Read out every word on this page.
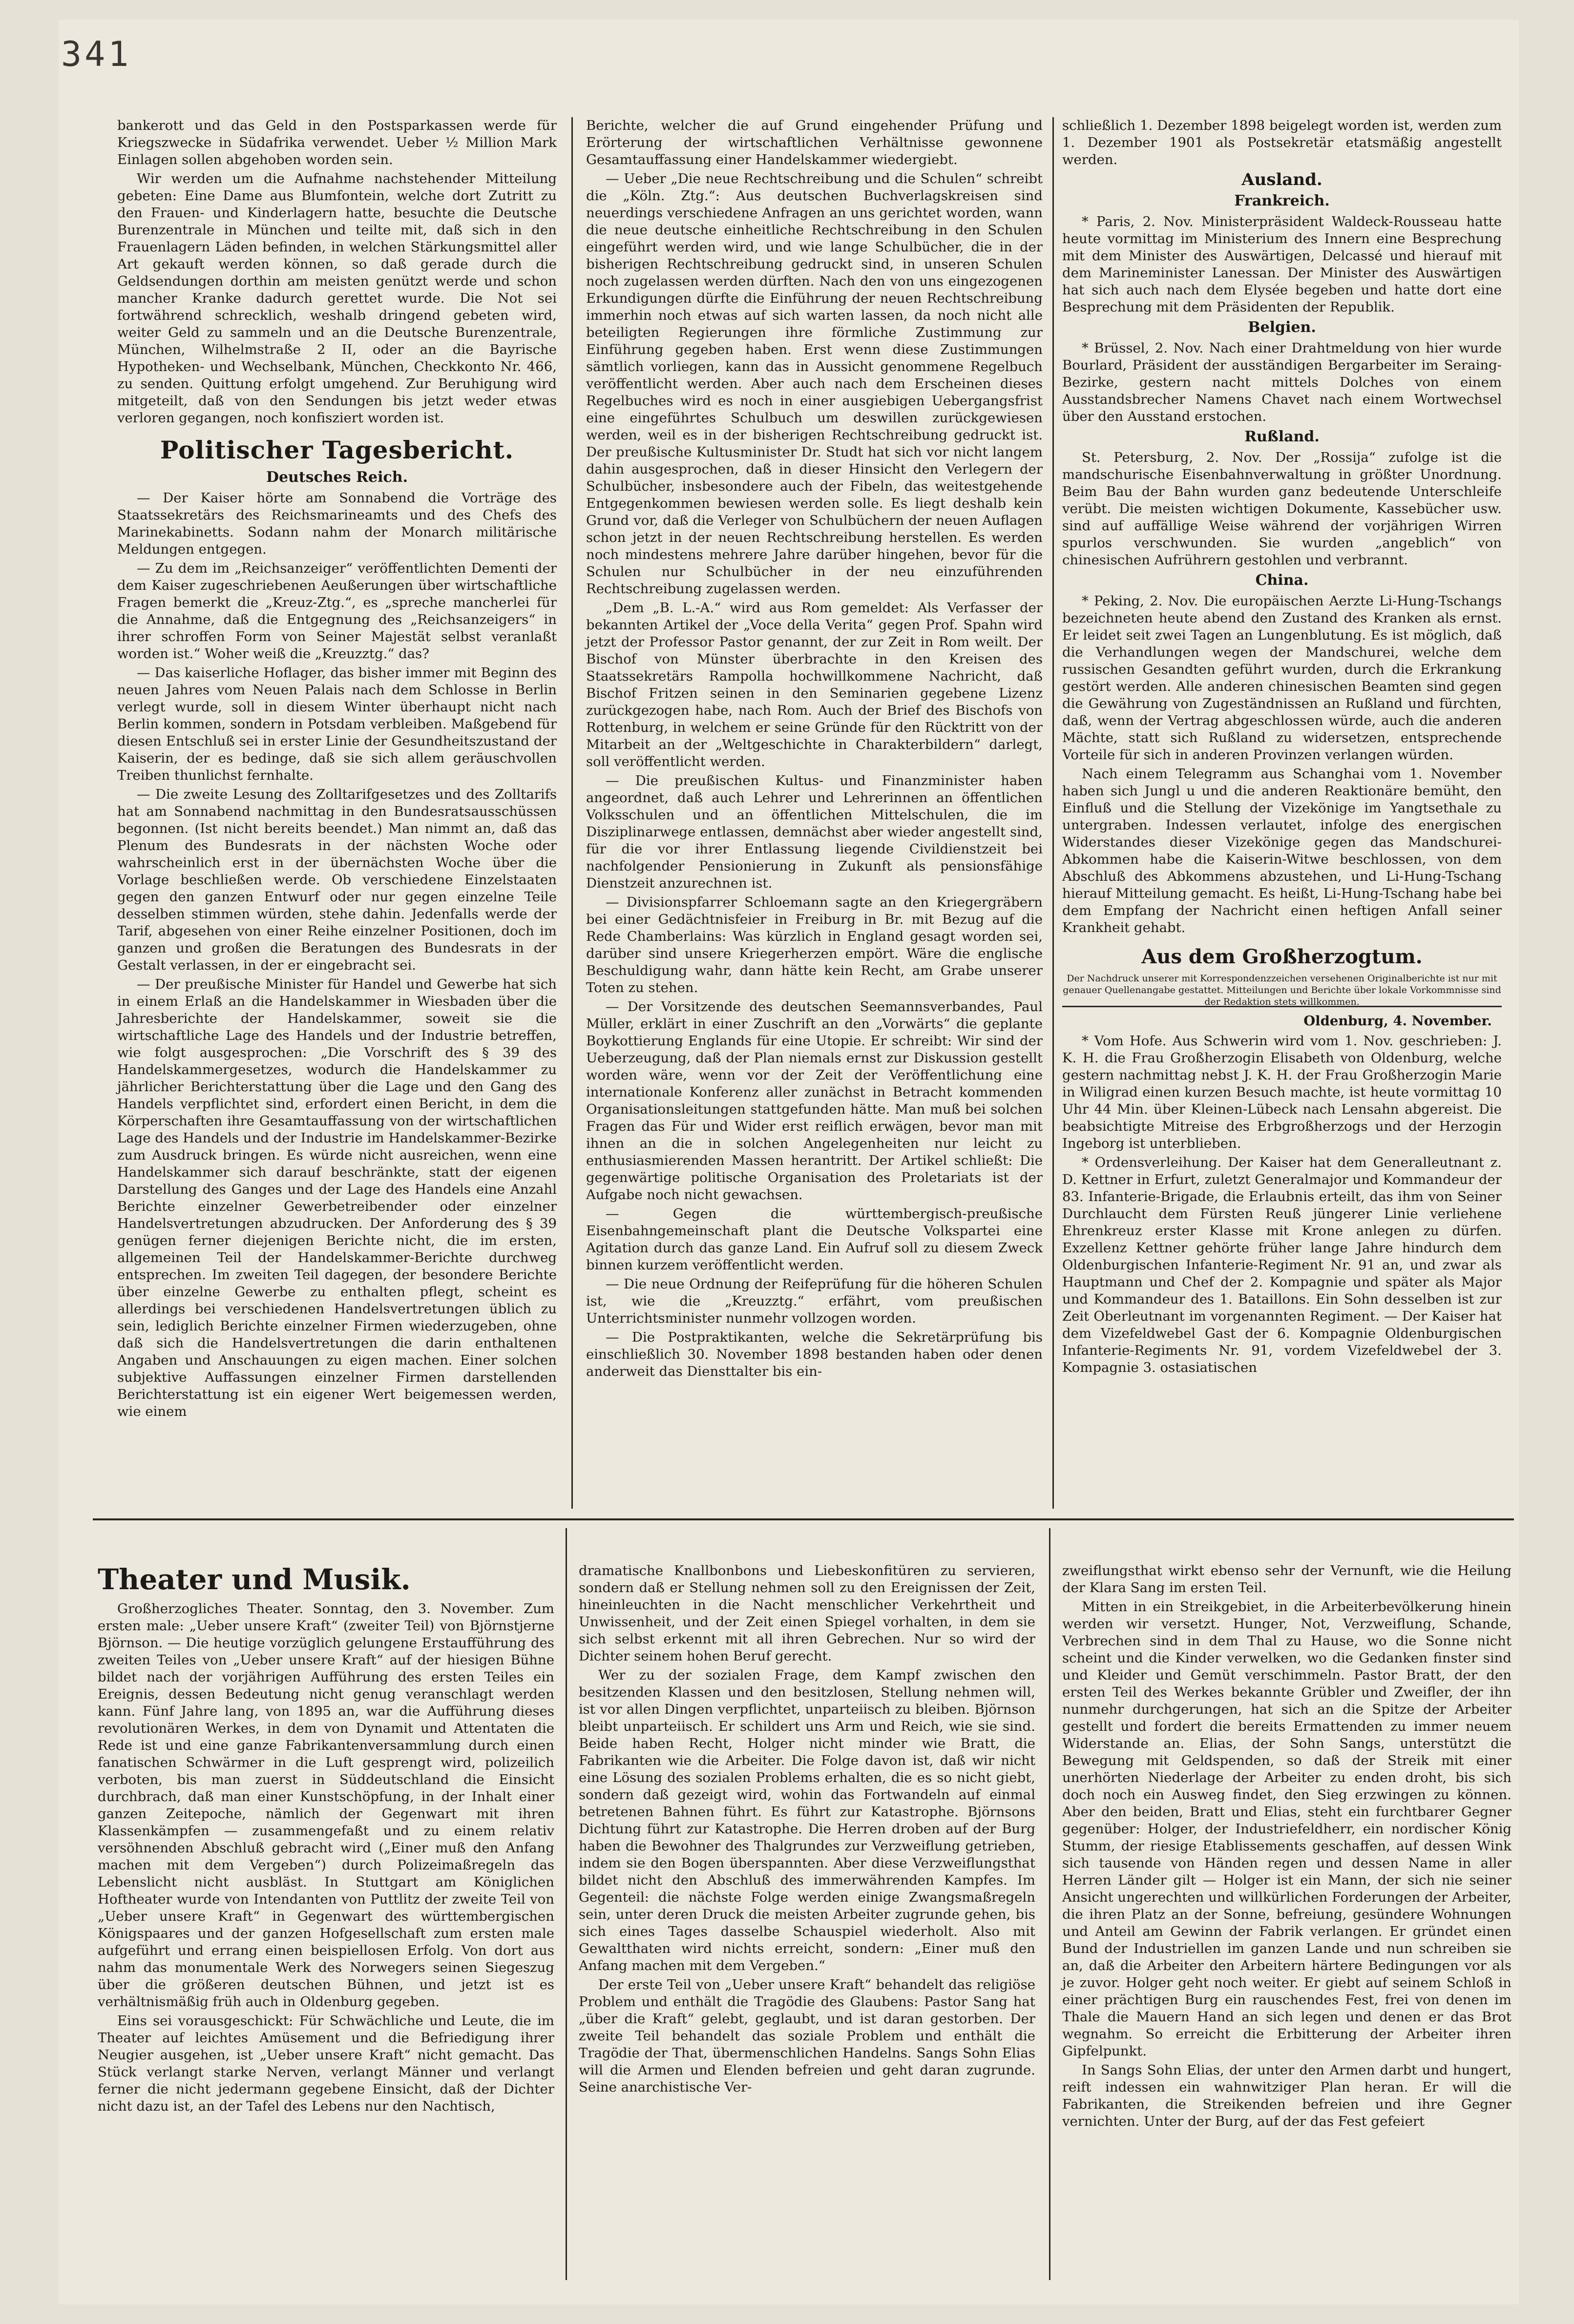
341

bankerott und das Geld in den Postsparkassen werde für Kriegszwecke in Südafrika verwendet. Ueber ½ Million Mark Einlagen sollen abgehoben worden sein.

Wir werden um die Aufnahme nachstehender Mitteilung gebeten: Eine Dame aus Blumfontein, welche dort Zutritt zu den Frauen- und Kinderlagern hatte, besuchte die Deutsche Burenzentrale in München und teilte mit, daß sich in den Frauenlagern Läden befinden, in welchen Stärkungsmittel aller Art gekauft werden können, so daß gerade durch die Geldsendungen dorthin am meisten genützt werde und schon mancher Kranke dadurch gerettet wurde. Die Not sei fortwährend schrecklich, weshalb dringend gebeten wird, weiter Geld zu sammeln und an die Deutsche Burenzentrale, München, Wilhelmstraße 2 II, oder an die Bayrische Hypotheken- und Wechselbank, München, Checkkonto Nr. 466, zu senden. Quittung erfolgt umgehend. Zur Beruhigung wird mitgeteilt, daß von den Sendungen bis jetzt weder etwas verloren gegangen, noch konfisziert worden ist.

Politischer Tagesbericht.
Deutsches Reich.

— Der Kaiser hörte am Sonnabend die Vorträge des Staatssekretärs des Reichsmarineamts und des Chefs des Marinekabinetts. Sodann nahm der Monarch militärische Meldungen entgegen.

— Zu dem im „Reichsanzeiger“ veröffentlichten Dementi der dem Kaiser zugeschriebenen Aeußerungen über wirtschaftliche Fragen bemerkt die „Kreuz-Ztg.“, es „spreche mancherlei für die Annahme, daß die Entgegnung des „Reichsanzeigers“ in ihrer schroffen Form von Seiner Majestät selbst veranlaßt worden ist.“ Woher weiß die „Kreuzztg.“ das?

— Das kaiserliche Hoflager, das bisher immer mit Beginn des neuen Jahres vom Neuen Palais nach dem Schlosse in Berlin verlegt wurde, soll in diesem Winter überhaupt nicht nach Berlin kommen, sondern in Potsdam verbleiben. Maßgebend für diesen Entschluß sei in erster Linie der Gesundheitszustand der Kaiserin, der es bedinge, daß sie sich allem geräuschvollen Treiben thunlichst fernhalte.

— Die zweite Lesung des Zolltarifgesetzes und des Zolltarifs hat am Sonnabend nachmittag in den Bundesratsausschüssen begonnen. (Ist nicht bereits beendet.) Man nimmt an, daß das Plenum des Bundesrats in der nächsten Woche oder wahrscheinlich erst in der übernächsten Woche über die Vorlage beschließen werde. Ob verschiedene Einzelstaaten gegen den ganzen Entwurf oder nur gegen einzelne Teile desselben stimmen würden, stehe dahin. Jedenfalls werde der Tarif, abgesehen von einer Reihe einzelner Positionen, doch im ganzen und großen die Beratungen des Bundesrats in der Gestalt verlassen, in der er eingebracht sei.

— Der preußische Minister für Handel und Gewerbe hat sich in einem Erlaß an die Handelskammer in Wiesbaden über die Jahresberichte der Handelskammer, soweit sie die wirtschaftliche Lage des Handels und der Industrie betreffen, wie folgt ausgesprochen: „Die Vorschrift des § 39 des Handelskammergesetzes, wodurch die Handelskammer zu jährlicher Berichterstattung über die Lage und den Gang des Handels verpflichtet sind, erfordert einen Bericht, in dem die Körperschaften ihre Gesamtauffassung von der wirtschaftlichen Lage des Handels und der Industrie im Handelskammer-Bezirke zum Ausdruck bringen. Es würde nicht ausreichen, wenn eine Handelskammer sich darauf beschränkte, statt der eigenen Darstellung des Ganges und der Lage des Handels eine Anzahl Berichte einzelner Gewerbetreibender oder einzelner Handelsvertretungen abzudrucken. Der Anforderung des § 39 genügen ferner diejenigen Berichte nicht, die im ersten, allgemeinen Teil der Handelskammer-Berichte durchweg entsprechen. Im zweiten Teil dagegen, der besondere Berichte über einzelne Gewerbe zu enthalten pflegt, scheint es allerdings bei verschiedenen Handelsvertretungen üblich zu sein, lediglich Berichte einzelner Firmen wiederzugeben, ohne daß sich die Handelsvertretungen die darin enthaltenen Angaben und Anschauungen zu eigen machen. Einer solchen subjektive Auffassungen einzelner Firmen darstellenden Berichterstattung ist ein eigener Wert beigemessen werden, wie einem

Berichte, welcher die auf Grund eingehender Prüfung und Erörterung der wirtschaftlichen Verhältnisse gewonnene Gesamtauffassung einer Handelskammer wiedergiebt.

— Ueber „Die neue Rechtschreibung und die Schulen“ schreibt die „Köln. Ztg.“: Aus deutschen Buchverlagskreisen sind neuerdings verschiedene Anfragen an uns gerichtet worden, wann die neue deutsche einheitliche Rechtschreibung in den Schulen eingeführt werden wird, und wie lange Schulbücher, die in der bisherigen Rechtschreibung gedruckt sind, in unseren Schulen noch zugelassen werden dürften. Nach den von uns eingezogenen Erkundigungen dürfte die Einführung der neuen Rechtschreibung immerhin noch etwas auf sich warten lassen, da noch nicht alle beteiligten Regierungen ihre förmliche Zustimmung zur Einführung gegeben haben. Erst wenn diese Zustimmungen sämtlich vorliegen, kann das in Aussicht genommene Regelbuch veröffentlicht werden. Aber auch nach dem Erscheinen dieses Regelbuches wird es noch in einer ausgiebigen Uebergangsfrist eine eingeführtes Schulbuch um deswillen zurückgewiesen werden, weil es in der bisherigen Rechtschreibung gedruckt ist. Der preußische Kultusminister Dr. Studt hat sich vor nicht langem dahin ausgesprochen, daß in dieser Hinsicht den Verlegern der Schulbücher, insbesondere auch der Fibeln, das weitestgehende Entgegenkommen bewiesen werden solle. Es liegt deshalb kein Grund vor, daß die Verleger von Schulbüchern der neuen Auflagen schon jetzt in der neuen Rechtschreibung herstellen. Es werden noch mindestens mehrere Jahre darüber hingehen, bevor für die Schulen nur Schulbücher in der neu einzuführenden Rechtschreibung zugelassen werden.

„Dem „B. L.-A.“ wird aus Rom gemeldet: Als Verfasser der bekannten Artikel der „Voce della Verita“ gegen Prof. Spahn wird jetzt der Professor Pastor genannt, der zur Zeit in Rom weilt. Der Bischof von Münster überbrachte in den Kreisen des Staatssekretärs Rampolla hochwillkommene Nachricht, daß Bischof Fritzen seinen in den Seminarien gegebene Lizenz zurückgezogen habe, nach Rom. Auch der Brief des Bischofs von Rottenburg, in welchem er seine Gründe für den Rücktritt von der Mitarbeit an der „Weltgeschichte in Charakterbildern“ darlegt, soll veröffentlicht werden.

— Die preußischen Kultus- und Finanzminister haben angeordnet, daß auch Lehrer und Lehrerinnen an öffentlichen Volksschulen und an öffentlichen Mittelschulen, die im Disziplinarwege entlassen, demnächst aber wieder angestellt sind, für die vor ihrer Entlassung liegende Civildienstzeit bei nachfolgender Pensionierung in Zukunft als pensionsfähige Dienstzeit anzurechnen ist.

— Divisionspfarrer Schloemann sagte an den Kriegergräbern bei einer Gedächtnisfeier in Freiburg in Br. mit Bezug auf die Rede Chamberlains: Was kürzlich in England gesagt worden sei, darüber sind unsere Kriegerherzen empört. Wäre die englische Beschuldigung wahr, dann hätte kein Recht, am Grabe unserer Toten zu stehen.

— Der Vorsitzende des deutschen Seemannsverbandes, Paul Müller, erklärt in einer Zuschrift an den „Vorwärts“ die geplante Boykottierung Englands für eine Utopie. Er schreibt: Wir sind der Ueberzeugung, daß der Plan niemals ernst zur Diskussion gestellt worden wäre, wenn vor der Zeit der Veröffentlichung eine internationale Konferenz aller zunächst in Betracht kommenden Organisationsleitungen stattgefunden hätte. Man muß bei solchen Fragen das Für und Wider erst reiflich erwägen, bevor man mit ihnen an die in solchen Angelegenheiten nur leicht zu enthusiasmierenden Massen herantritt. Der Artikel schließt: Die gegenwärtige politische Organisation des Proletariats ist der Aufgabe noch nicht gewachsen.

— Gegen die württembergisch-preußische Eisenbahngemeinschaft plant die Deutsche Volkspartei eine Agitation durch das ganze Land. Ein Aufruf soll zu diesem Zweck binnen kurzem veröffentlicht werden.

— Die neue Ordnung der Reifeprüfung für die höheren Schulen ist, wie die „Kreuzztg.“ erfährt, vom preußischen Unterrichtsminister nunmehr vollzogen worden.

— Die Postpraktikanten, welche die Sekretärprüfung bis einschließlich 30. November 1898 bestanden haben oder denen anderweit das Diensttalter bis ein-

schließlich 1. Dezember 1898 beigelegt worden ist, werden zum 1. Dezember 1901 als Postsekretär etatsmäßig angestellt werden.

Ausland.
Frankreich.

* Paris, 2. Nov. Ministerpräsident Waldeck-Rousseau hatte heute vormittag im Ministerium des Innern eine Besprechung mit dem Minister des Auswärtigen, Delcassé und hierauf mit dem Marineminister Lanessan. Der Minister des Auswärtigen hat sich auch nach dem Elysée begeben und hatte dort eine Besprechung mit dem Präsidenten der Republik.

Belgien.

* Brüssel, 2. Nov. Nach einer Drahtmeldung von hier wurde Bourlard, Präsident der ausständigen Bergarbeiter im Seraing-Bezirke, gestern nacht mittels Dolches von einem Ausstandsbrecher Namens Chavet nach einem Wortwechsel über den Ausstand erstochen.

Rußland.

St. Petersburg, 2. Nov. Der „Rossija“ zufolge ist die mandschurische Eisenbahnverwaltung in größter Unordnung. Beim Bau der Bahn wurden ganz bedeutende Unterschleife verübt. Die meisten wichtigen Dokumente, Kassebücher usw. sind auf auffällige Weise während der vorjährigen Wirren spurlos verschwunden. Sie wurden „angeblich“ von chinesischen Aufrührern gestohlen und verbrannt.

China.

* Peking, 2. Nov. Die europäischen Aerzte Li-Hung-Tschangs bezeichneten heute abend den Zustand des Kranken als ernst. Er leidet seit zwei Tagen an Lungenblutung. Es ist möglich, daß die Verhandlungen wegen der Mandschurei, welche dem russischen Gesandten geführt wurden, durch die Erkrankung gestört werden. Alle anderen chinesischen Beamten sind gegen die Gewährung von Zugeständnissen an Rußland und fürchten, daß, wenn der Vertrag abgeschlossen würde, auch die anderen Mächte, statt sich Rußland zu widersetzen, entsprechende Vorteile für sich in anderen Provinzen verlangen würden.

Nach einem Telegramm aus Schanghai vom 1. November haben sich Jungl u und die anderen Reaktionäre bemüht, den Einfluß und die Stellung der Vizekönige im Yangtsethale zu untergraben. Indessen verlautet, infolge des energischen Widerstandes dieser Vizekönige gegen das Mandschurei-Abkommen habe die Kaiserin-Witwe beschlossen, von dem Abschluß des Abkommens abzustehen, und Li-Hung-Tschang hierauf Mitteilung gemacht. Es heißt, Li-Hung-Tschang habe bei dem Empfang der Nachricht einen heftigen Anfall seiner Krankheit gehabt.

Aus dem Großherzogtum.
Der Nachdruck unserer mit Korrespondenzzeichen versehenen Originalberichte ist nur mit genauer Quellenangabe gestattet. Mitteilungen und Berichte über lokale Vorkommnisse sind der Redaktion stets willkommen.
Oldenburg, 4. November.

* Vom Hofe. Aus Schwerin wird vom 1. Nov. geschrieben: J. K. H. die Frau Großherzogin Elisabeth von Oldenburg, welche gestern nachmittag nebst J. K. H. der Frau Großherzogin Marie in Wiligrad einen kurzen Besuch machte, ist heute vormittag 10 Uhr 44 Min. über Kleinen-Lübeck nach Lensahn abgereist. Die beabsichtigte Mitreise des Erbgroßherzogs und der Herzogin Ingeborg ist unterblieben.

* Ordensverleihung. Der Kaiser hat dem Generalleutnant z. D. Kettner in Erfurt, zuletzt Generalmajor und Kommandeur der 83. Infanterie-Brigade, die Erlaubnis erteilt, das ihm von Seiner Durchlaucht dem Fürsten Reuß jüngerer Linie verliehene Ehrenkreuz erster Klasse mit Krone anlegen zu dürfen. Exzellenz Kettner gehörte früher lange Jahre hindurch dem Oldenburgischen Infanterie-Regiment Nr. 91 an, und zwar als Hauptmann und Chef der 2. Kompagnie und später als Major und Kommandeur des 1. Bataillons. Ein Sohn desselben ist zur Zeit Oberleutnant im vorgenannten Regiment. — Der Kaiser hat dem Vizefeldwebel Gast der 6. Kompagnie Oldenburgischen Infanterie-Regiments Nr. 91, vordem Vizefeldwebel der 3. Kompagnie 3. ostasiatischen

Theater und Musik.

Großherzogliches Theater. Sonntag, den 3. November. Zum ersten male: „Ueber unsere Kraft“ (zweiter Teil) von Björnstjerne Björnson. — Die heutige vorzüglich gelungene Erstaufführung des zweiten Teiles von „Ueber unsere Kraft“ auf der hiesigen Bühne bildet nach der vorjährigen Aufführung des ersten Teiles ein Ereignis, dessen Bedeutung nicht genug veranschlagt werden kann. Fünf Jahre lang, von 1895 an, war die Aufführung dieses revolutionären Werkes, in dem von Dynamit und Attentaten die Rede ist und eine ganze Fabrikantenversammlung durch einen fanatischen Schwärmer in die Luft gesprengt wird, polizeilich verboten, bis man zuerst in Süddeutschland die Einsicht durchbrach, daß man einer Kunstschöpfung, in der Inhalt einer ganzen Zeitepoche, nämlich der Gegenwart mit ihren Klassenkämpfen — zusammengefaßt und zu einem relativ versöhnenden Abschluß gebracht wird („Einer muß den Anfang machen mit dem Vergeben“) durch Polizeimaßregeln das Lebenslicht nicht ausbläst. In Stuttgart am Königlichen Hoftheater wurde von Intendanten von Puttlitz der zweite Teil von „Ueber unsere Kraft“ in Gegenwart des württembergischen Königspaares und der ganzen Hofgesellschaft zum ersten male aufgeführt und errang einen beispiellosen Erfolg. Von dort aus nahm das monumentale Werk des Norwegers seinen Siegeszug über die größeren deutschen Bühnen, und jetzt ist es verhältnismäßig früh auch in Oldenburg gegeben.

Eins sei vorausgeschickt: Für Schwächliche und Leute, die im Theater auf leichtes Amüsement und die Befriedigung ihrer Neugier ausgehen, ist „Ueber unsere Kraft“ nicht gemacht. Das Stück verlangt starke Nerven, verlangt Männer und verlangt ferner die nicht jedermann gegebene Einsicht, daß der Dichter nicht dazu ist, an der Tafel des Lebens nur den Nachtisch,

dramatische Knallbonbons und Liebeskonfitüren zu servieren, sondern daß er Stellung nehmen soll zu den Ereignissen der Zeit, hineinleuchten in die Nacht menschlicher Verkehrtheit und Unwissenheit, und der Zeit einen Spiegel vorhalten, in dem sie sich selbst erkennt mit all ihren Gebrechen. Nur so wird der Dichter seinem hohen Beruf gerecht.

Wer zu der sozialen Frage, dem Kampf zwischen den besitzenden Klassen und den besitzlosen, Stellung nehmen will, ist vor allen Dingen verpflichtet, unparteiisch zu bleiben. Björnson bleibt unparteiisch. Er schildert uns Arm und Reich, wie sie sind. Beide haben Recht, Holger nicht minder wie Bratt, die Fabrikanten wie die Arbeiter. Die Folge davon ist, daß wir nicht eine Lösung des sozialen Problems erhalten, die es so nicht giebt, sondern daß gezeigt wird, wohin das Fortwandeln auf einmal betretenen Bahnen führt. Es führt zur Katastrophe. Björnsons Dichtung führt zur Katastrophe. Die Herren droben auf der Burg haben die Bewohner des Thalgrundes zur Verzweiflung getrieben, indem sie den Bogen überspannten. Aber diese Verzweiflungsthat bildet nicht den Abschluß des immerwährenden Kampfes. Im Gegenteil: die nächste Folge werden einige Zwangsmaßregeln sein, unter deren Druck die meisten Arbeiter zugrunde gehen, bis sich eines Tages dasselbe Schauspiel wiederholt. Also mit Gewaltthaten wird nichts erreicht, sondern: „Einer muß den Anfang machen mit dem Vergeben.“

Der erste Teil von „Ueber unsere Kraft“ behandelt das religiöse Problem und enthält die Tragödie des Glaubens: Pastor Sang hat „über die Kraft“ gelebt, geglaubt, und ist daran gestorben. Der zweite Teil behandelt das soziale Problem und enthält die Tragödie der That, übermenschlichen Handelns. Sangs Sohn Elias will die Armen und Elenden befreien und geht daran zugrunde. Seine anarchistische Ver-

zweiflungsthat wirkt ebenso sehr der Vernunft, wie die Heilung der Klara Sang im ersten Teil.

Mitten in ein Streikgebiet, in die Arbeiterbevölkerung hinein werden wir versetzt. Hunger, Not, Verzweiflung, Schande, Verbrechen sind in dem Thal zu Hause, wo die Sonne nicht scheint und die Kinder verwelken, wo die Gedanken finster sind und Kleider und Gemüt verschimmeln. Pastor Bratt, der den ersten Teil des Werkes bekannte Grübler und Zweifler, der ihn nunmehr durchgerungen, hat sich an die Spitze der Arbeiter gestellt und fordert die bereits Ermattenden zu immer neuem Widerstande an. Elias, der Sohn Sangs, unterstützt die Bewegung mit Geldspenden, so daß der Streik mit einer unerhörten Niederlage der Arbeiter zu enden droht, bis sich doch noch ein Ausweg findet, den Sieg erzwingen zu können. Aber den beiden, Bratt und Elias, steht ein furchtbarer Gegner gegenüber: Holger, der Industriefeldherr, ein nordischer König Stumm, der riesige Etablissements geschaffen, auf dessen Wink sich tausende von Händen regen und dessen Name in aller Herren Länder gilt — Holger ist ein Mann, der sich nie seiner Ansicht ungerechten und willkürlichen Forderungen der Arbeiter, die ihren Platz an der Sonne, befreiung, gesündere Wohnungen und Anteil am Gewinn der Fabrik verlangen. Er gründet einen Bund der Industriellen im ganzen Lande und nun schreiben sie an, daß die Arbeiter den Arbeitern härtere Bedingungen vor als je zuvor. Holger geht noch weiter. Er giebt auf seinem Schloß in einer prächtigen Burg ein rauschendes Fest, frei von denen im Thale die Mauern Hand an sich legen und denen er das Brot wegnahm. So erreicht die Erbitterung der Arbeiter ihren Gipfelpunkt.

In Sangs Sohn Elias, der unter den Armen darbt und hungert, reift indessen ein wahnwitziger Plan heran. Er will die Fabrikanten, die Streikenden befreien und ihre Gegner vernichten. Unter der Burg, auf der das Fest gefeiert
